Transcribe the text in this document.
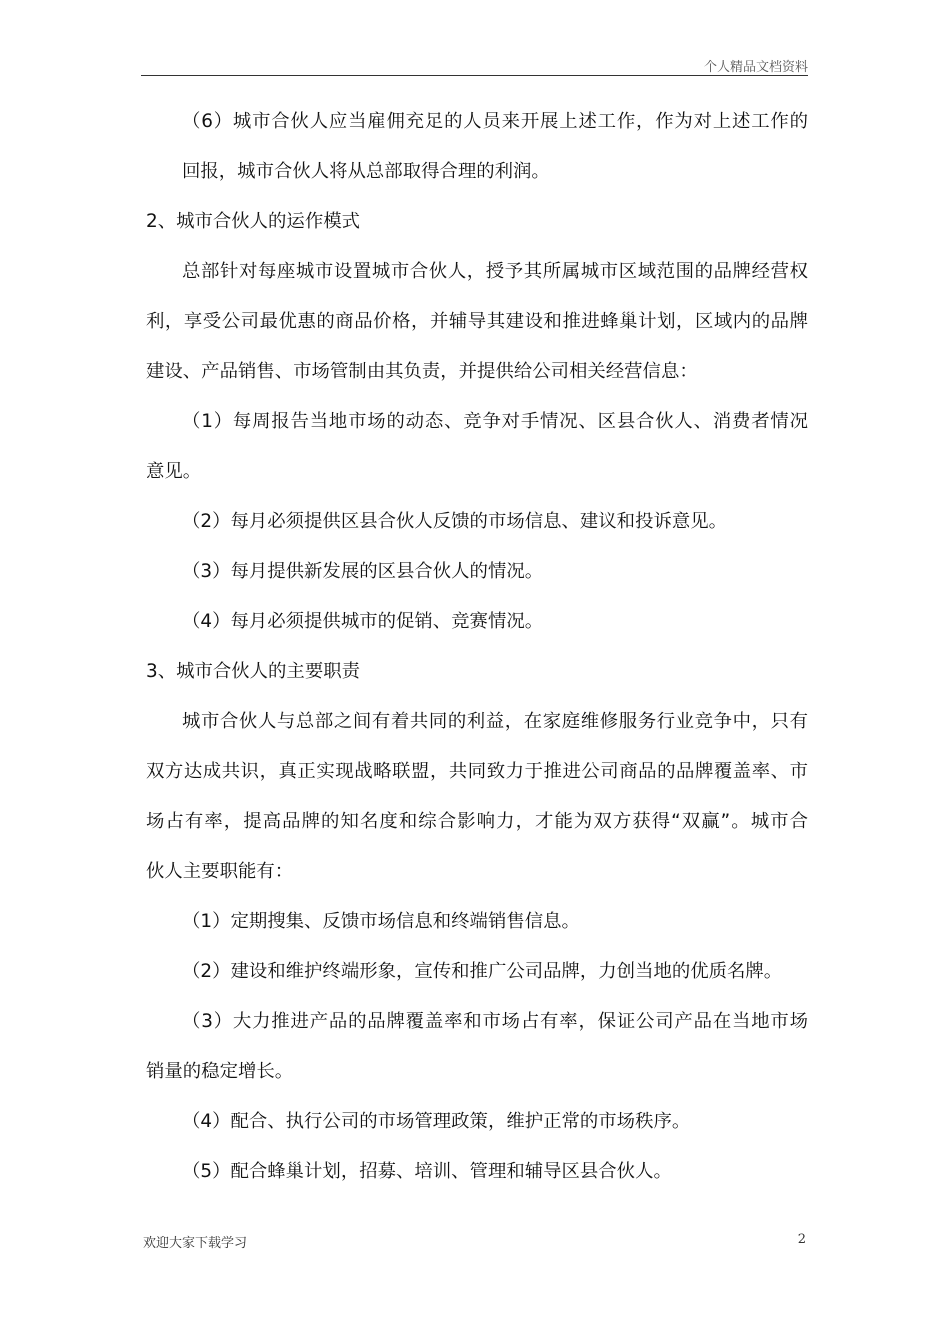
个人精品文档资料
（6）城市合伙人应当雇佣充足的人员来开展上述工作，作为对上述工作的
回报，城市合伙人将从总部取得合理的利润。
2、城市合伙人的运作模式
总部针对每座城市设置城市合伙人，授予其所属城市区域范围的品牌经营权
利，享受公司最优惠的商品价格，并辅导其建设和推进蜂巢计划，区域内的品牌
建设、产品销售、市场管制由其负责，并提供给公司相关经营信息：
（1）每周报告当地市场的动态、竞争对手情况、区县合伙人、消费者情况
意见。
（2）每月必须提供区县合伙人反馈的市场信息、建议和投诉意见。
（3）每月提供新发展的区县合伙人的情况。
（4）每月必须提供城市的促销、竞赛情况。
3、城市合伙人的主要职责
城市合伙人与总部之间有着共同的利益，在家庭维修服务行业竞争中，只有
双方达成共识，真正实现战略联盟，共同致力于推进公司商品的品牌覆盖率、市
场占有率，提高品牌的知名度和综合影响力，才能为双方获得“双赢”。城市合
伙人主要职能有：
（1）定期搜集、反馈市场信息和终端销售信息。
（2）建设和维护终端形象，宣传和推广公司品牌，力创当地的优质名牌。
（3）大力推进产品的品牌覆盖率和市场占有率，保证公司产品在当地市场
销量的稳定增长。
（4）配合、执行公司的市场管理政策，维护正常的市场秩序。
（5）配合蜂巢计划，招募、培训、管理和辅导区县合伙人。
欢迎大家下载学习	2
